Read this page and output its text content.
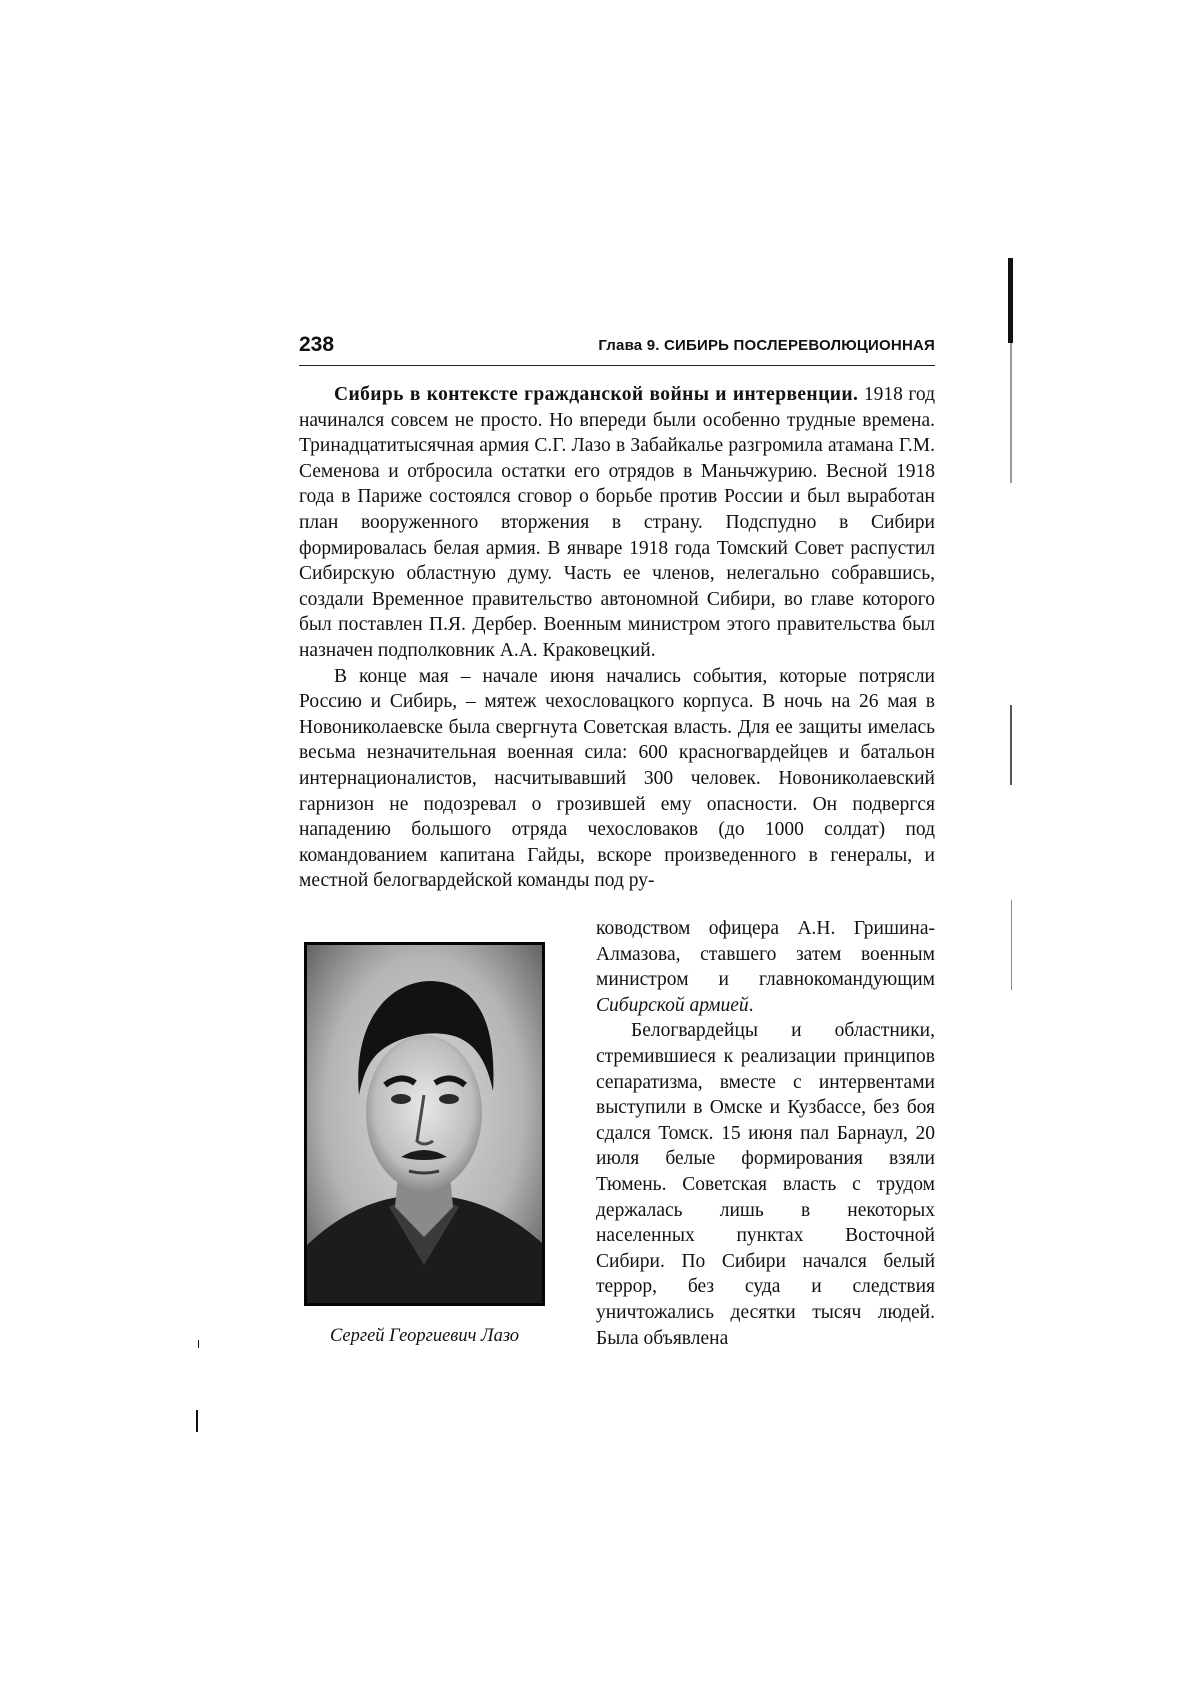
238	Глава 9. СИБИРЬ ПОСЛЕРЕВОЛЮЦИОННАЯ

Сибирь в контексте гражданской войны и интервенции. 1918 год начинался совсем не просто. Но впереди были особенно трудные времена. Тринадцатитысячная армия С.Г. Лазо в Забайкалье разгромила атамана Г.М. Семенова и отбросила остатки его отрядов в Маньчжурию. Весной 1918 года в Париже состоялся сговор о борьбе против России и был выработан план вооруженного вторжения в страну. Подспудно в Сибири формировалась белая армия. В январе 1918 года Томский Совет распустил Сибирскую областную думу. Часть ее членов, нелегально собравшись, создали Временное правительство автономной Сибири, во главе которого был поставлен П.Я. Дербер. Военным министром этого правительства был назначен подполковник А.А. Краковецкий.

В конце мая – начале июня начались события, которые потрясли Россию и Сибирь, – мятеж чехословацкого корпуса. В ночь на 26 мая в Новониколаевске была свергнута Советская власть. Для ее защиты имелась весьма незначительная военная сила: 600 красногвардейцев и батальон интернационалистов, насчитывавший 300 человек. Новониколаевский гарнизон не подозревал о грозившей ему опасности. Он подвергся нападению большого отряда чехословаков (до 1000 солдат) под командованием капитана Гайды, вскоре произведенного в генералы, и местной белогвардейской команды под ру-

Сергей Георгиевич Лазо

ководством офицера А.Н. Гришина-Алмазова, ставшего затем военным министром и главнокомандующим Сибирской армией.

Белогвардейцы и областники, стремившиеся к реализации принципов сепаратизма, вместе с интервентами выступили в Омске и Кузбассе, без боя сдался Томск. 15 июня пал Барнаул, 20 июля белые формирования взяли Тюмень. Советская власть с трудом держалась лишь в некоторых населенных пунктах Восточной Сибири. По Сибири начался белый террор, без суда и следствия уничтожались десятки тысяч людей. Была объявлена
